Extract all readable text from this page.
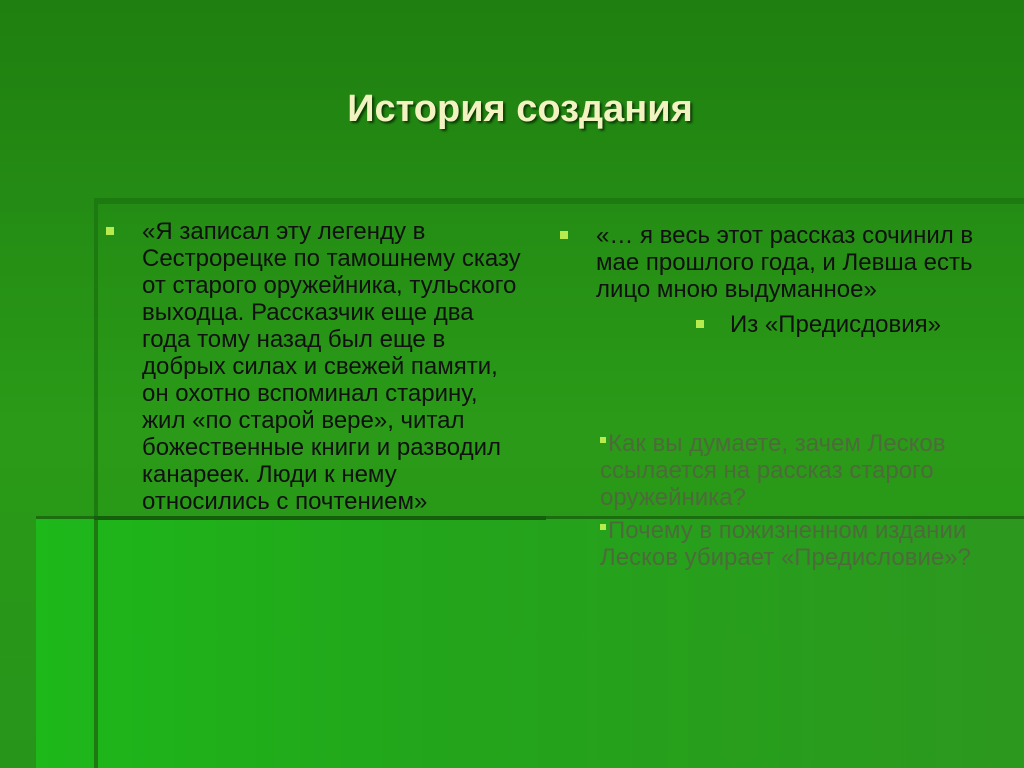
История создания
«Я записал эту легенду в Сестрорецке по тамошнему сказу от старого оружейника, тульского выходца. Рассказчик еще два года тому назад был еще в добрых силах и свежей памяти, он охотно вспоминал старину, жил «по старой вере», читал божественные книги и разводил канареек. Люди к нему относились с почтением»
«… я весь этот рассказ сочинил в мае прошлого года, и Левша есть лицо мною выдуманное»
Из «Предисдовия»
Как вы думаете, зачем Лесков ссылается на рассказ старого оружейника?
Почему в пожизненном издании Лесков убирает «Предисловие»?
